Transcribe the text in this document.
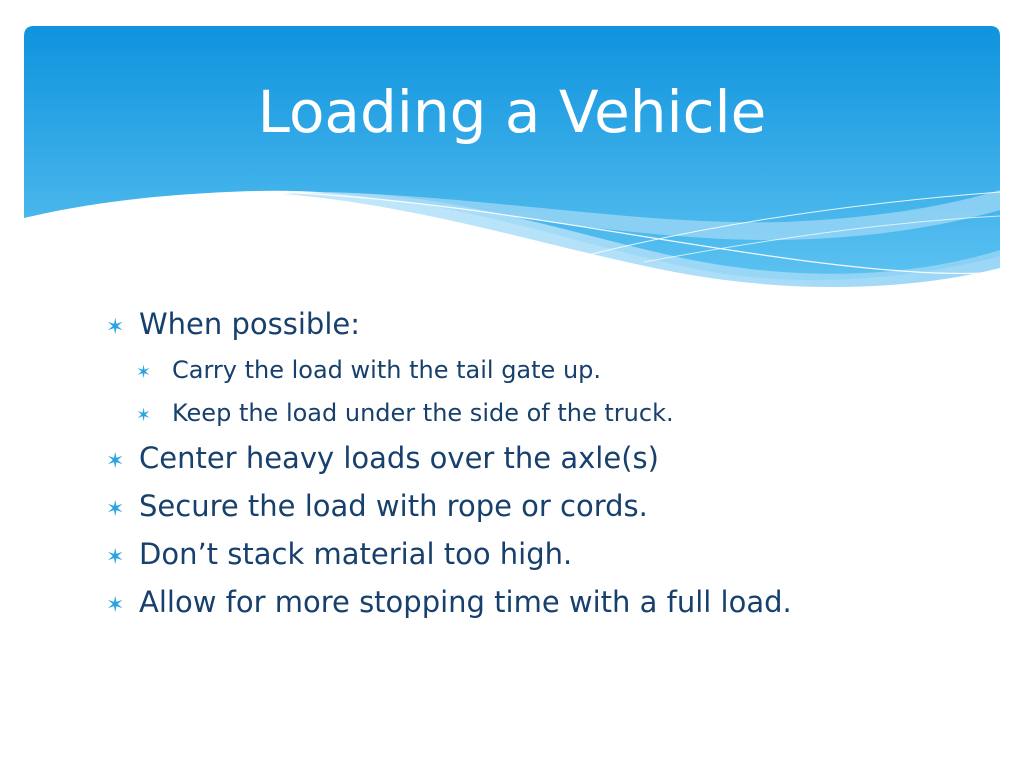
Loading a Vehicle

✶ When possible:

✶ Carry the load with the tail gate up.

✶ Keep the load under the side of the truck.

✶ Center heavy loads over the axle(s)

✶ Secure the load with rope or cords.

✶ Don’t stack material too high.

✶ Allow for more stopping time with a full load.
